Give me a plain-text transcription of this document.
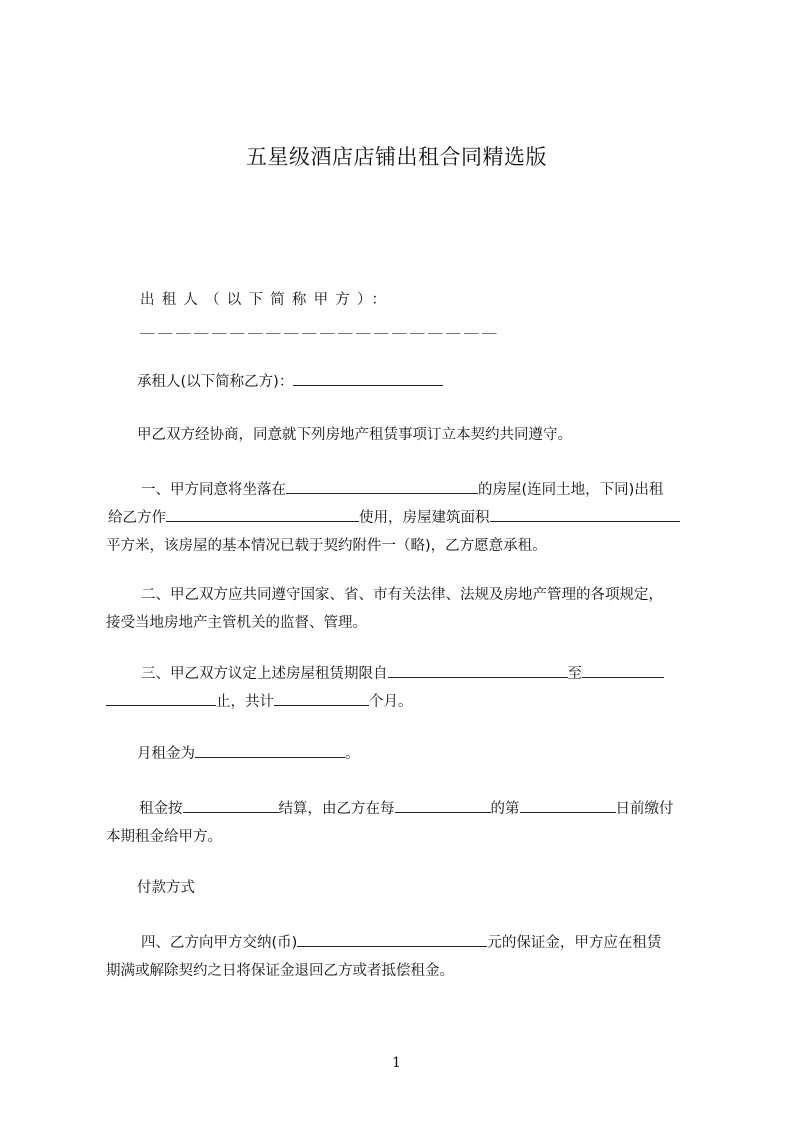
五星级酒店店铺出租合同精选版
出租人（以下简称甲方）：＿＿＿＿＿＿＿＿＿＿＿＿＿＿＿＿＿＿＿＿
承租人(以下简称乙方)：
甲乙双方经协商，同意就下列房地产租赁事项订立本契约共同遵守。
一、甲方同意将坐落在	的房屋(连同土地，下同)出租
给乙方作	使用，房屋建筑面积
平方米，该房屋的基本情况已载于契约附件一（略)，乙方愿意承租。
二、甲乙双方应共同遵守国家、省、市有关法律、法规及房地产管理的各项规定，
接受当地房地产主管机关的监督、管理。
三、甲乙双方议定上述房屋租赁期限自	至
止，共计	个月。
月租金为	。
租金按	结算，由乙方在每	的第	日前缴付
本期租金给甲方。
付款方式
四、乙方向甲方交纳(币)	元的保证金，甲方应在租赁
期满或解除契约之日将保证金退回乙方或者抵偿租金。
1
